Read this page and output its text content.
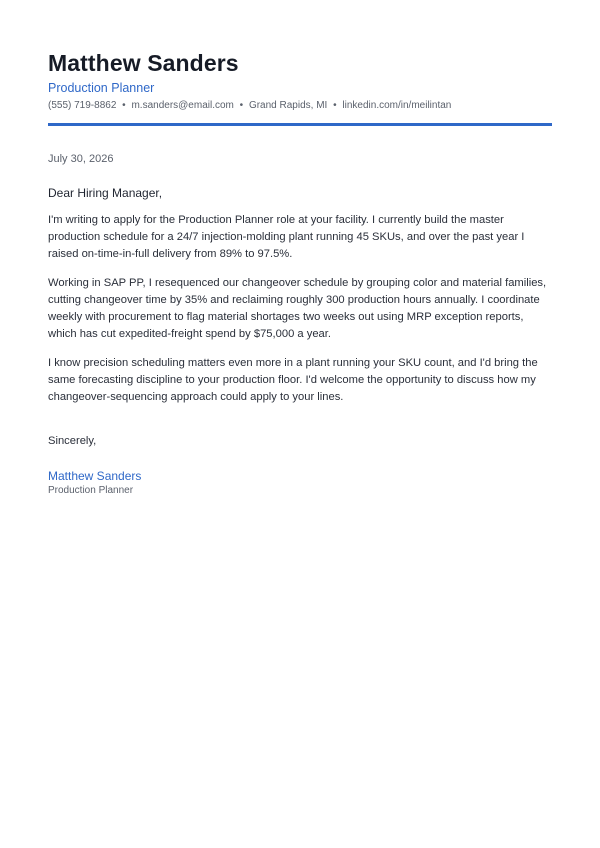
Matthew Sanders
Production Planner
(555) 719-8862 • m.sanders@email.com • Grand Rapids, MI • linkedin.com/in/meilintan
July 30, 2026
Dear Hiring Manager,

I'm writing to apply for the Production Planner role at your facility. I currently build the master production schedule for a 24/7 injection-molding plant running 45 SKUs, and over the past year I raised on-time-in-full delivery from 89% to 97.5%.

Working in SAP PP, I resequenced our changeover schedule by grouping color and material families, cutting changeover time by 35% and reclaiming roughly 300 production hours annually. I coordinate weekly with procurement to flag material shortages two weeks out using MRP exception reports, which has cut expedited-freight spend by $75,000 a year.

I know precision scheduling matters even more in a plant running your SKU count, and I'd bring the same forecasting discipline to your production floor. I'd welcome the opportunity to discuss how my changeover-sequencing approach could apply to your lines.

Sincerely,
Matthew Sanders
Production Planner
